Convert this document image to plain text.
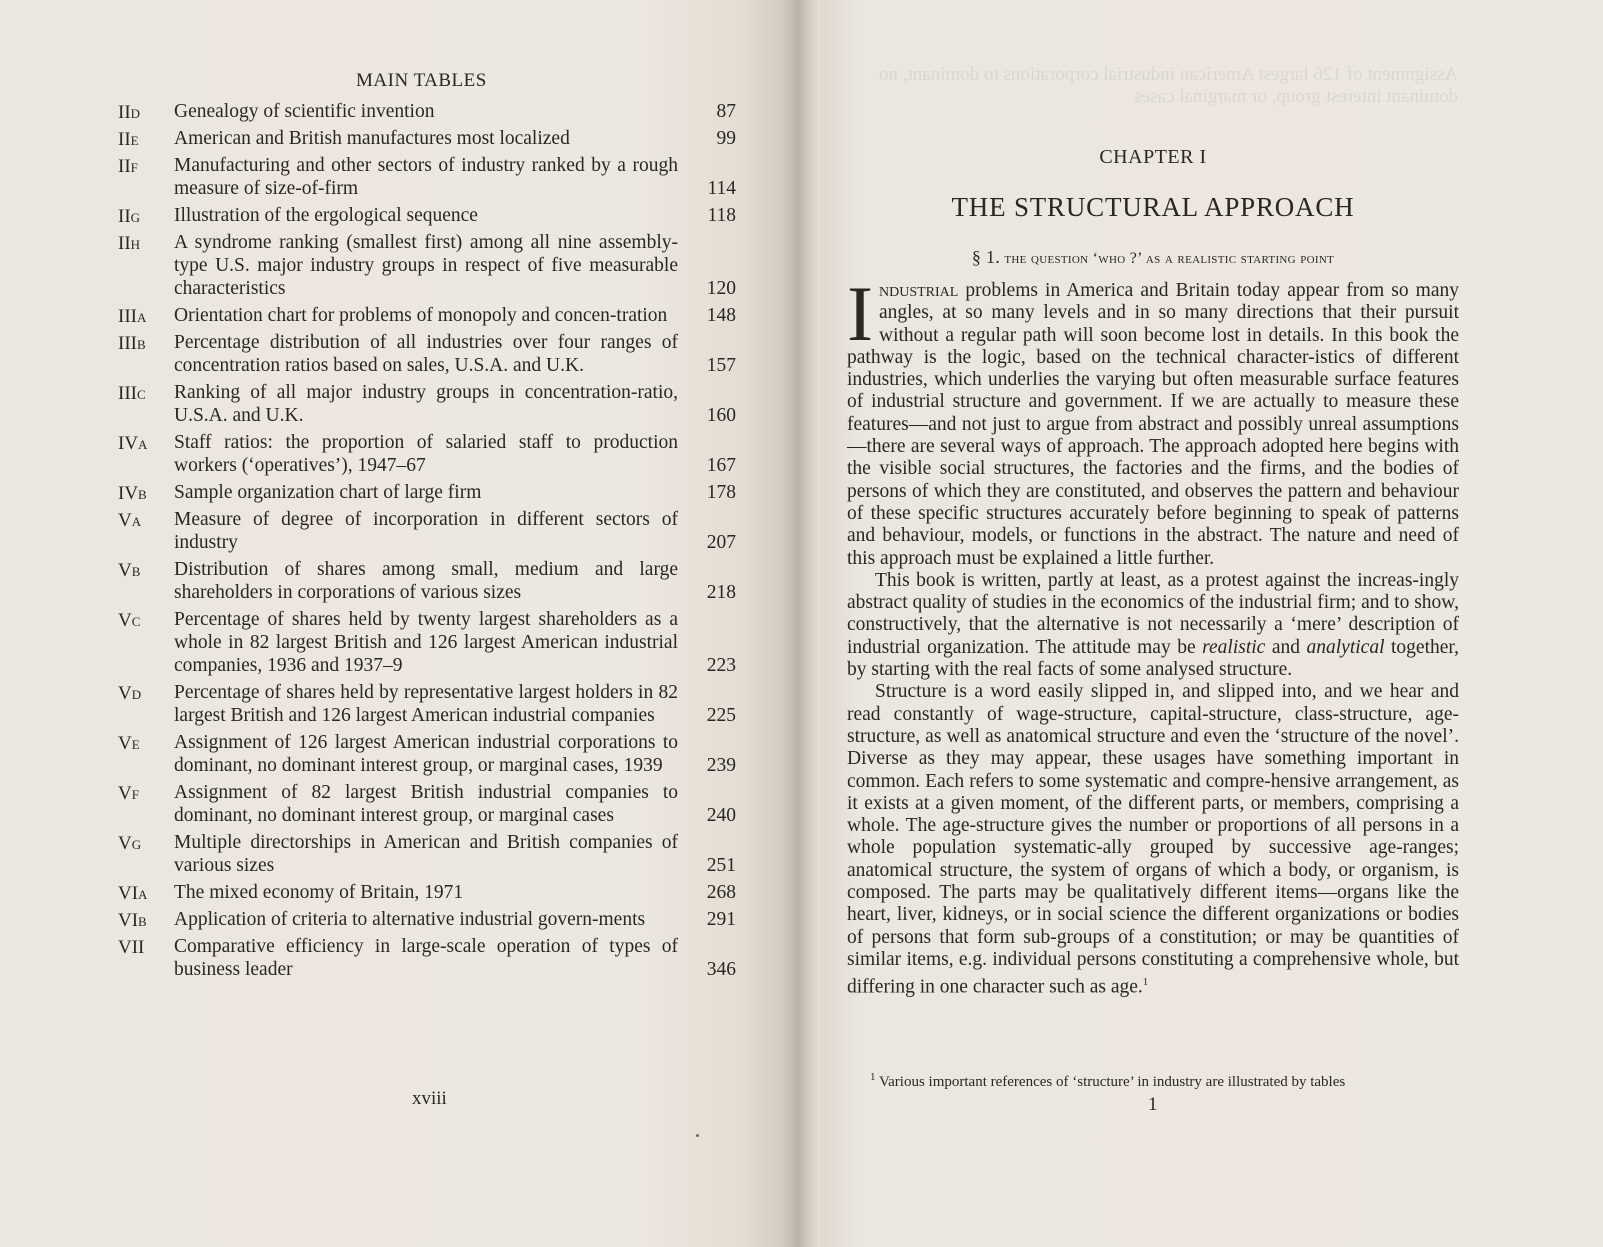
MAIN TABLES
IId	Genealogy of scientific invention	87
IIe	American and British manufactures most localized	99
IIf	Manufacturing and other sectors of industry ranked by a rough measure of size-of-firm	114
IIg	Illustration of the ergological sequence	118
IIh	A syndrome ranking (smallest first) among all nine assembly-type U.S. major industry groups in respect of five measurable characteristics	120
IIIa	Orientation chart for problems of monopoly and concen-tration	148
IIIb	Percentage distribution of all industries over four ranges of concentration ratios based on sales, U.S.A. and U.K.	157
IIIc	Ranking of all major industry groups in concentration-ratio, U.S.A. and U.K.	160
IVa	Staff ratios: the proportion of salaried staff to production workers (‘operatives’), 1947–67	167
IVb	Sample organization chart of large firm	178
Va	Measure of degree of incorporation in different sectors of industry	207
Vb	Distribution of shares among small, medium and large shareholders in corporations of various sizes	218
Vc	Percentage of shares held by twenty largest shareholders as a whole in 82 largest British and 126 largest American industrial companies, 1936 and 1937–9	223
Vd	Percentage of shares held by representative largest holders in 82 largest British and 126 largest American industrial companies	225
Ve	Assignment of 126 largest American industrial corporations to dominant, no dominant interest group, or marginal cases, 1939	239
Vf	Assignment of 82 largest British industrial companies to dominant, no dominant interest group, or marginal cases	240
Vg	Multiple directorships in American and British companies of various sizes	251
VIa	The mixed economy of Britain, 1971	268
VIb	Application of criteria to alternative industrial govern-ments	291
VII	Comparative efficiency in large-scale operation of types of business leader	346
xviii
CHAPTER I
THE STRUCTURAL APPROACH
§ 1. the question ‘who ?’ as a realistic starting point

Industrial problems in America and Britain today appear from so many angles, at so many levels and in so many directions that their pursuit without a regular path will soon become lost in details. In this book the pathway is the logic, based on the technical character-istics of different industries, which underlies the varying but often measurable surface features of industrial structure and government. If we are actually to measure these features—and not just to argue from abstract and possibly unreal assumptions—there are several ways of approach. The approach adopted here begins with the visible social structures, the factories and the firms, and the bodies of persons of which they are constituted, and observes the pattern and behaviour of these specific structures accurately before beginning to speak of patterns and behaviour, models, or functions in the abstract. The nature and need of this approach must be explained a little further.

This book is written, partly at least, as a protest against the increas-ingly abstract quality of studies in the economics of the industrial firm; and to show, constructively, that the alternative is not necessarily a ‘mere’ description of industrial organization. The attitude may be realistic and analytical together, by starting with the real facts of some analysed structure.

Structure is a word easily slipped in, and slipped into, and we hear and read constantly of wage-structure, capital-structure, class-structure, age-structure, as well as anatomical structure and even the ‘structure of the novel’. Diverse as they may appear, these usages have something important in common. Each refers to some systematic and compre-hensive arrangement, as it exists at a given moment, of the different parts, or members, comprising a whole. The age-structure gives the number or proportions of all persons in a whole population systematic-ally grouped by successive age-ranges; anatomical structure, the system of organs of which a body, or organism, is composed. The parts may be qualitatively different items—organs like the heart, liver, kidneys, or in social science the different organizations or bodies of persons that form sub-groups of a constitution; or may be quantities of similar items, e.g. individual persons constituting a comprehensive whole, but differing in one character such as age.$^1$

$^1$ Various important references of ‘structure’ in industry are illustrated by tables
1
